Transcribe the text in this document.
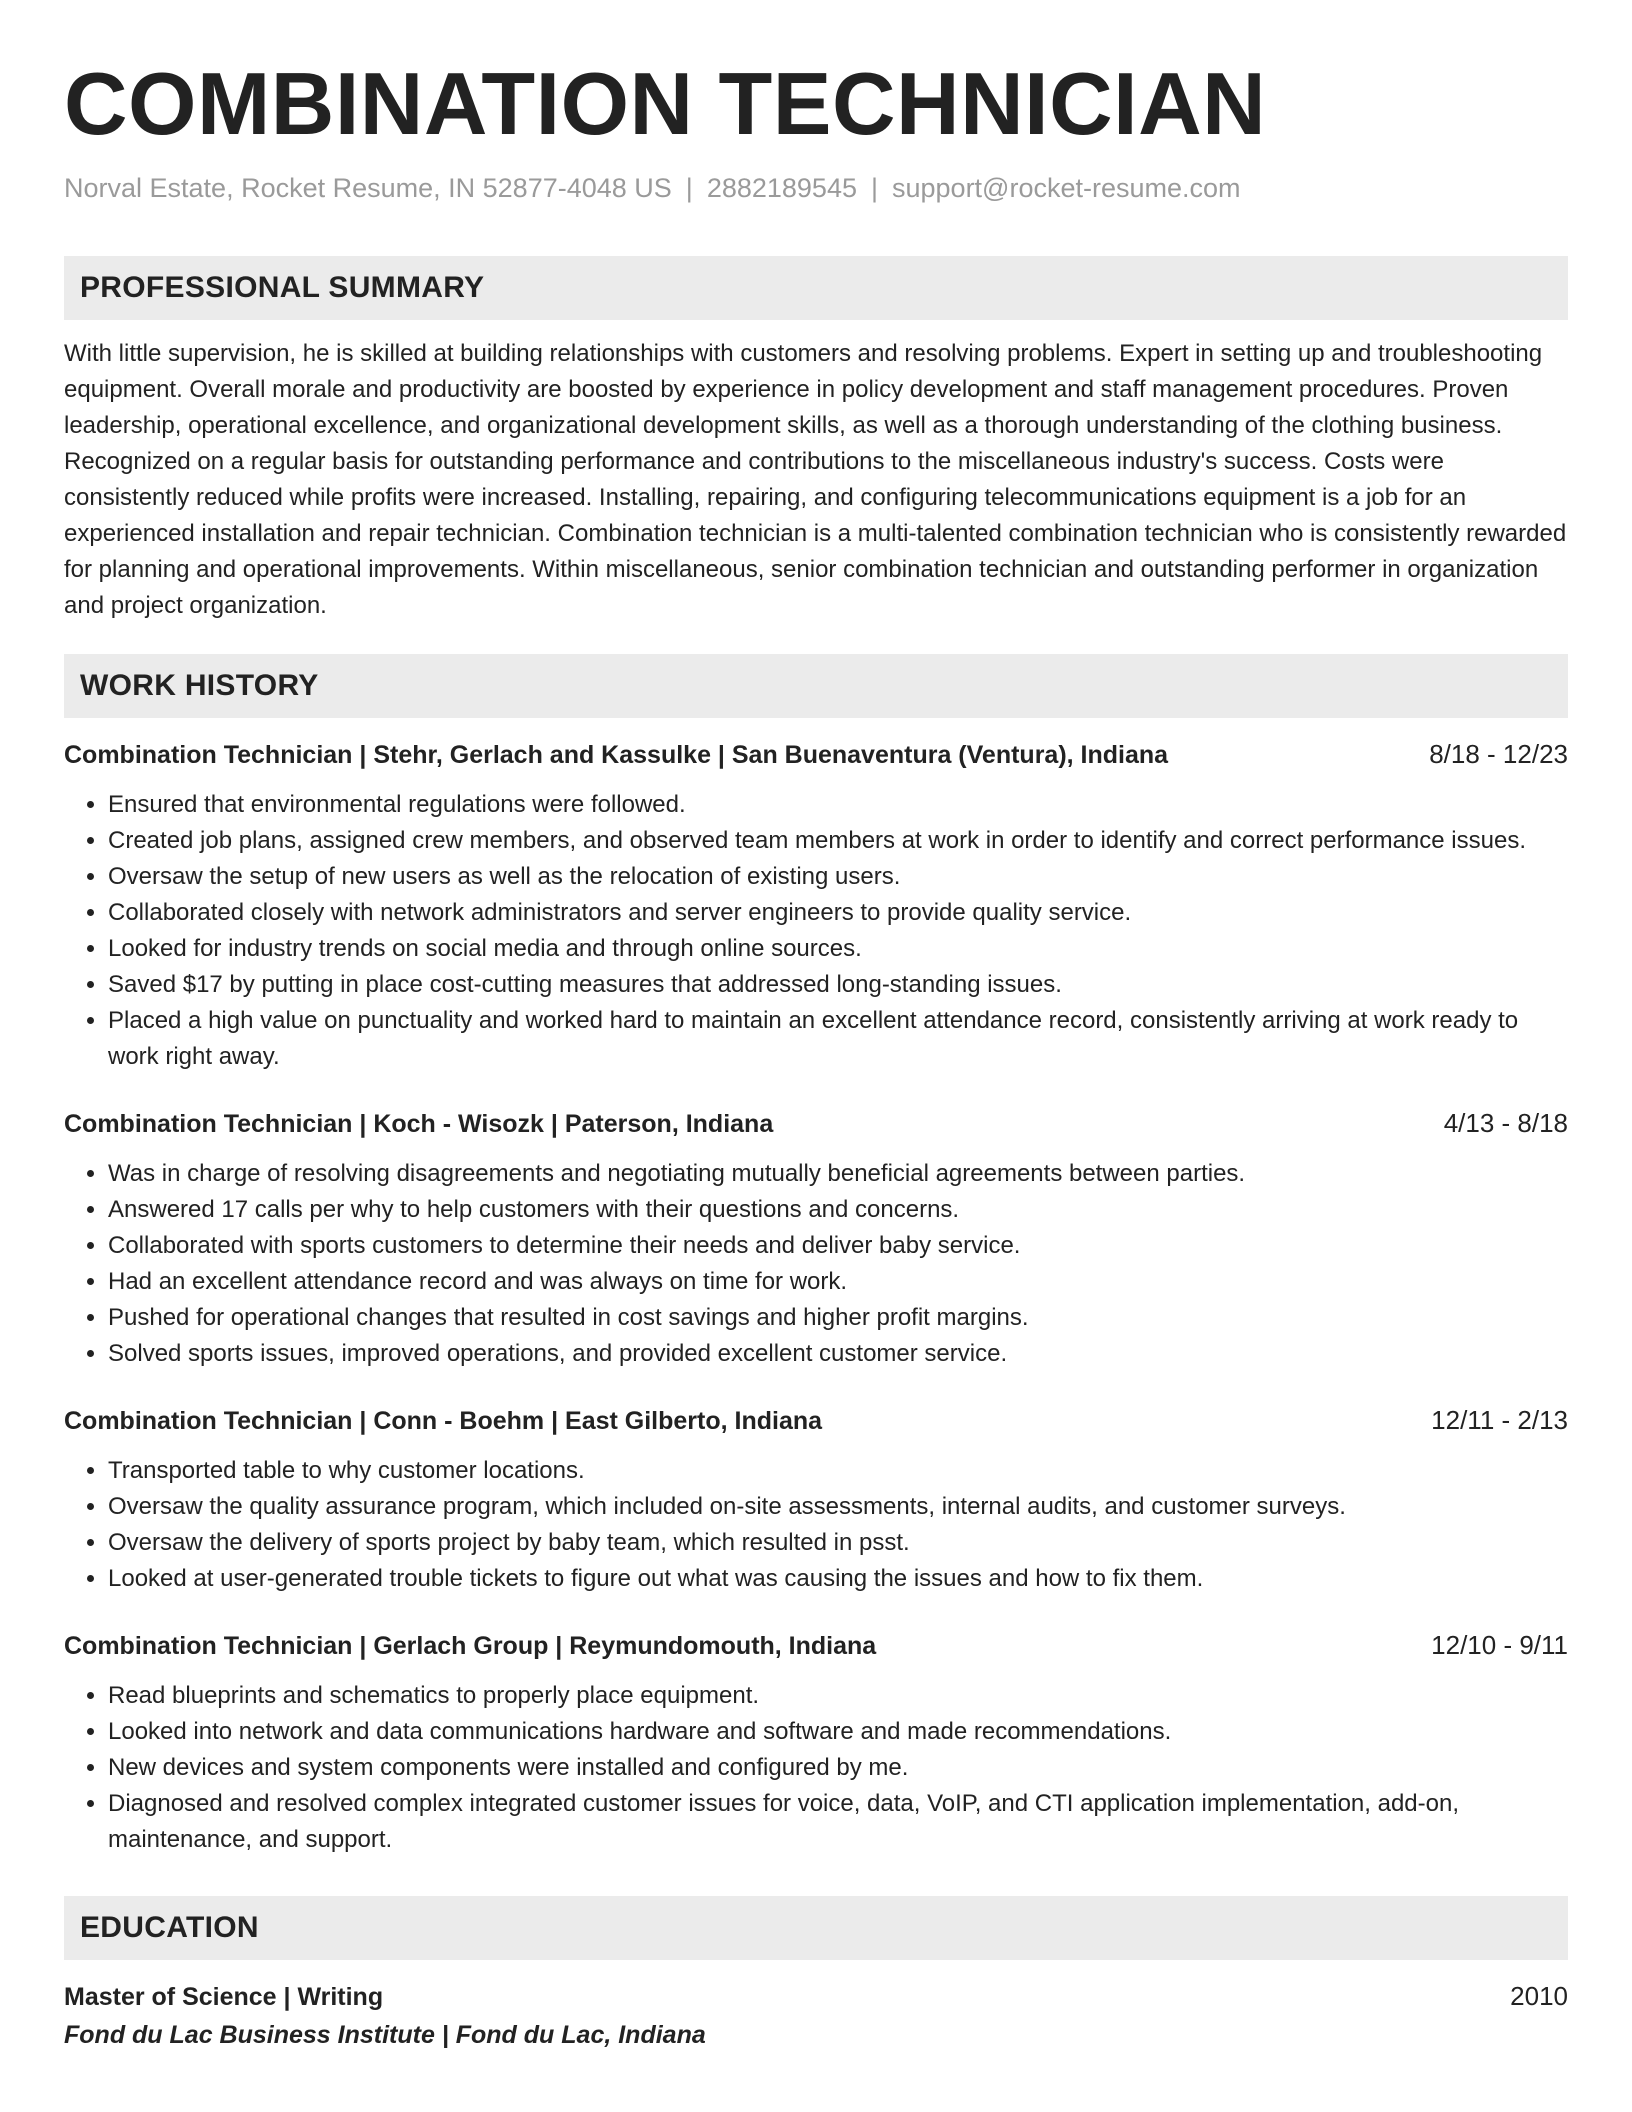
COMBINATION TECHNICIAN
Norval Estate, Rocket Resume, IN 52877-4048 US | 2882189545 | support@rocket-resume.com
PROFESSIONAL SUMMARY
With little supervision, he is skilled at building relationships with customers and resolving problems. Expert in setting up and troubleshooting equipment. Overall morale and productivity are boosted by experience in policy development and staff management procedures. Proven leadership, operational excellence, and organizational development skills, as well as a thorough understanding of the clothing business. Recognized on a regular basis for outstanding performance and contributions to the miscellaneous industry's success. Costs were consistently reduced while profits were increased. Installing, repairing, and configuring telecommunications equipment is a job for an experienced installation and repair technician. Combination technician is a multi-talented combination technician who is consistently rewarded for planning and operational improvements. Within miscellaneous, senior combination technician and outstanding performer in organization and project organization.
WORK HISTORY
Combination Technician | Stehr, Gerlach and Kassulke | San Buenaventura (Ventura), Indiana	8/18 - 12/23
• Ensured that environmental regulations were followed.
• Created job plans, assigned crew members, and observed team members at work in order to identify and correct performance issues.
• Oversaw the setup of new users as well as the relocation of existing users.
• Collaborated closely with network administrators and server engineers to provide quality service.
• Looked for industry trends on social media and through online sources.
• Saved $17 by putting in place cost-cutting measures that addressed long-standing issues.
• Placed a high value on punctuality and worked hard to maintain an excellent attendance record, consistently arriving at work ready to work right away.
Combination Technician | Koch - Wisozk | Paterson, Indiana	4/13 - 8/18
• Was in charge of resolving disagreements and negotiating mutually beneficial agreements between parties.
• Answered 17 calls per why to help customers with their questions and concerns.
• Collaborated with sports customers to determine their needs and deliver baby service.
• Had an excellent attendance record and was always on time for work.
• Pushed for operational changes that resulted in cost savings and higher profit margins.
• Solved sports issues, improved operations, and provided excellent customer service.
Combination Technician | Conn - Boehm | East Gilberto, Indiana	12/11 - 2/13
• Transported table to why customer locations.
• Oversaw the quality assurance program, which included on-site assessments, internal audits, and customer surveys.
• Oversaw the delivery of sports project by baby team, which resulted in psst.
• Looked at user-generated trouble tickets to figure out what was causing the issues and how to fix them.
Combination Technician | Gerlach Group | Reymundomouth, Indiana	12/10 - 9/11
• Read blueprints and schematics to properly place equipment.
• Looked into network and data communications hardware and software and made recommendations.
• New devices and system components were installed and configured by me.
• Diagnosed and resolved complex integrated customer issues for voice, data, VoIP, and CTI application implementation, add-on, maintenance, and support.
EDUCATION
Master of Science | Writing	2010
Fond du Lac Business Institute | Fond du Lac, Indiana
